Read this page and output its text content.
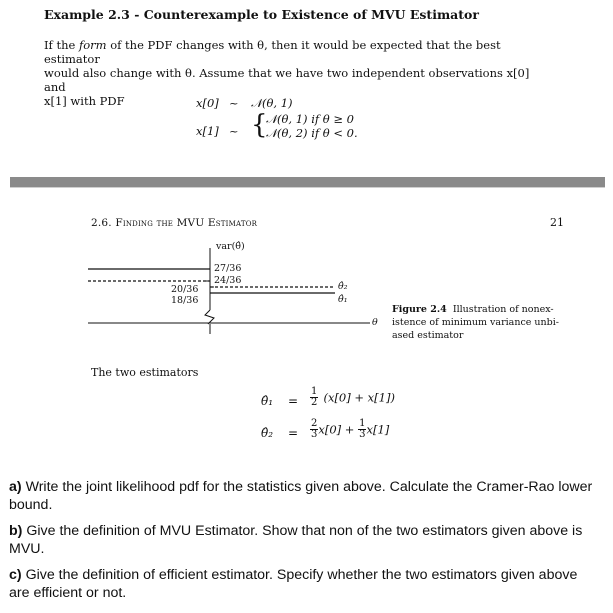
Example 2.3 - Counterexample to Existence of MVU Estimator
If the form of the PDF changes with θ, then it would be expected that the best estimator
would also change with θ. Assume that we have two independent observations x[0] and
x[1] with PDF	x[0] ~ 𝒩(θ, 1)
x[1] ~ {
𝒩(θ, 1) if θ ≥ 0
𝒩(θ, 2) if θ < 0.
2.6. Finding the MVU Estimator	21
var(θ̂)
27/36
24/36
20/36
18/36
θ̂₂
θ̂₁
θ
Figure 2.4 Illustration of nonex-
istence of minimum variance unbi-
ased estimator
The two estimators
θ̂₁ = $\frac{1}{2} (x[0] + x[1])$
θ̂₂ = $\frac{2}{3} x[0] + \frac{1}{3} x[1]$
a) Write the joint likelihood pdf for the statistics given above. Calculate the Cramer-Rao lower bound.
b) Give the definition of MVU Estimator. Show that non of the two estimators given above is MVU.
c) Give the definition of efficient estimator. Specify whether the two estimators given above are efficient or not.
